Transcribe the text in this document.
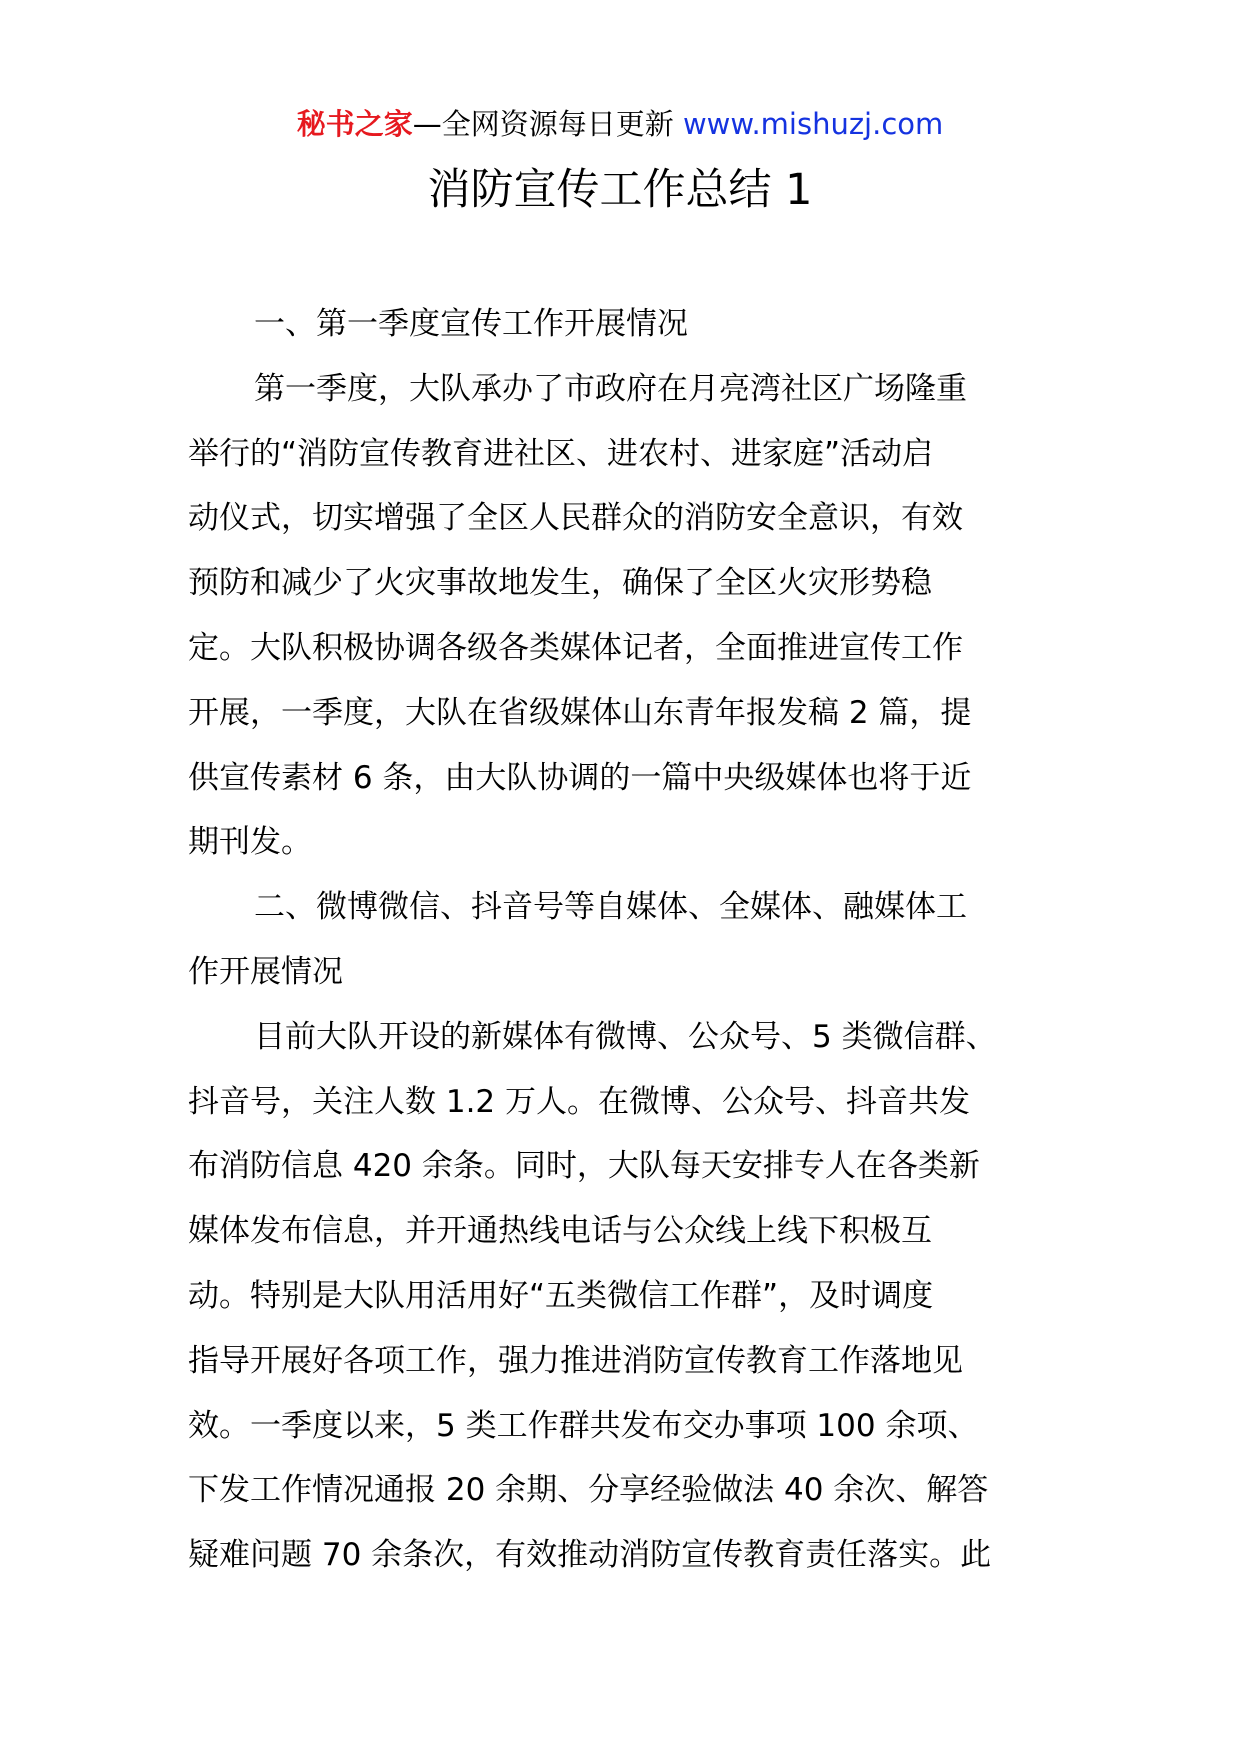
秘书之家—全网资源每日更新 www.mishuzj.com
消防宣传工作总结 1
一、第一季度宣传工作开展情况
第一季度，大队承办了市政府在月亮湾社区广场隆重
举行的“消防宣传教育进社区、进农村、进家庭”活动启
动仪式，切实增强了全区人民群众的消防安全意识，有效
预防和减少了火灾事故地发生，确保了全区火灾形势稳
定。大队积极协调各级各类媒体记者，全面推进宣传工作
开展，一季度，大队在省级媒体山东青年报发稿 2 篇，提
供宣传素材 6 条，由大队协调的一篇中央级媒体也将于近
期刊发。
二、微博微信、抖音号等自媒体、全媒体、融媒体工
作开展情况
目前大队开设的新媒体有微博、公众号、5 类微信群、
抖音号，关注人数 1.2 万人。在微博、公众号、抖音共发
布消防信息 420 余条。同时，大队每天安排专人在各类新
媒体发布信息，并开通热线电话与公众线上线下积极互
动。特别是大队用活用好“五类微信工作群”，及时调度
指导开展好各项工作，强力推进消防宣传教育工作落地见
效。一季度以来，5 类工作群共发布交办事项 100 余项、
下发工作情况通报 20 余期、分享经验做法 40 余次、解答
疑难问题 70 余条次，有效推动消防宣传教育责任落实。此
